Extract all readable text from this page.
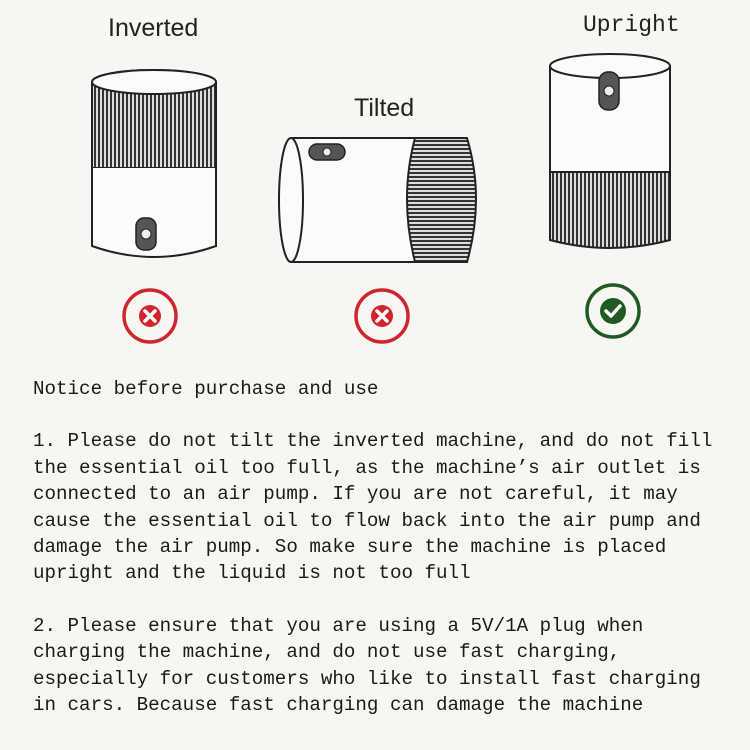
Inverted
Tilted
Upright

Notice before purchase and use

1. Please do not tilt the inverted machine, and do not fill the essential oil too full, as the machine’s air outlet is connected to an air pump. If you are not careful, it may cause the essential oil to flow back into the air pump and damage the air pump. So make sure the machine is placed upright and the liquid is not too full

2. Please ensure that you are using a 5V/1A plug when charging the machine, and do not use fast charging, especially for customers who like to install fast charging in cars. Because fast charging can damage the machine
